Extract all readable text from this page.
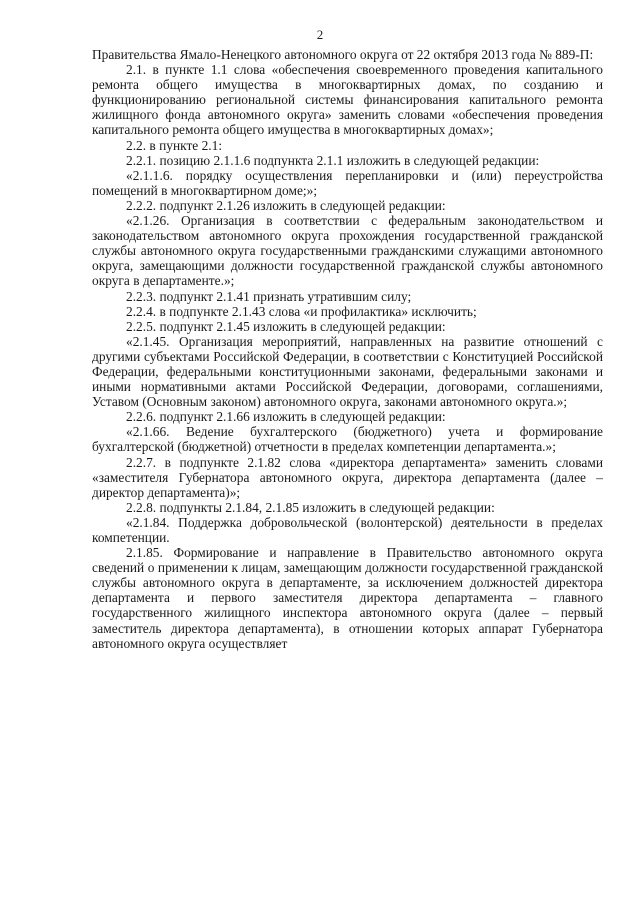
2

Правительства Ямало-Ненецкого автономного округа от 22 октября 2013 года № 889-П:

2.1. в пункте 1.1 слова «обеспечения своевременного проведения капитального ремонта общего имущества в многоквартирных домах, по созданию и функционированию региональной системы финансирования капитального ремонта жилищного фонда автономного округа» заменить словами «обеспечения проведения капитального ремонта общего имущества в многоквартирных домах»;

2.2. в пункте 2.1:

2.2.1. позицию 2.1.1.6 подпункта 2.1.1 изложить в следующей редакции:

«2.1.1.6. порядку осуществления перепланировки и (или) переустройства помещений в многоквартирном доме;»;

2.2.2. подпункт 2.1.26 изложить в следующей редакции:

«2.1.26. Организация в соответствии с федеральным законодательством и законодательством автономного округа прохождения государственной гражданской службы автономного округа государственными гражданскими служащими автономного округа, замещающими должности государственной гражданской службы автономного округа в департаменте.»;

2.2.3. подпункт 2.1.41 признать утратившим силу;

2.2.4. в подпункте 2.1.43 слова «и профилактика» исключить;

2.2.5. подпункт 2.1.45 изложить в следующей редакции:

«2.1.45. Организация мероприятий, направленных на развитие отношений с другими субъектами Российской Федерации, в соответствии с Конституцией Российской Федерации, федеральными конституционными законами, федеральными законами и иными нормативными актами Российской Федерации, договорами, соглашениями, Уставом (Основным законом) автономного округа, законами автономного округа.»;

2.2.6. подпункт 2.1.66 изложить в следующей редакции:

«2.1.66. Ведение бухгалтерского (бюджетного) учета и формирование бухгалтерской (бюджетной) отчетности в пределах компетенции департамента.»;

2.2.7. в подпункте 2.1.82 слова «директора департамента» заменить словами «заместителя Губернатора автономного округа, директора департамента (далее – директор департамента)»;

2.2.8. подпункты 2.1.84, 2.1.85 изложить в следующей редакции:

«2.1.84. Поддержка добровольческой (волонтерской) деятельности в пределах компетенции.

2.1.85. Формирование и направление в Правительство автономного округа сведений о применении к лицам, замещающим должности государственной гражданской службы автономного округа в департаменте, за исключением должностей директора департамента и первого заместителя директора департамента – главного государственного жилищного инспектора автономного округа (далее – первый заместитель директора департамента), в отношении которых аппарат Губернатора автономного округа осуществляет
